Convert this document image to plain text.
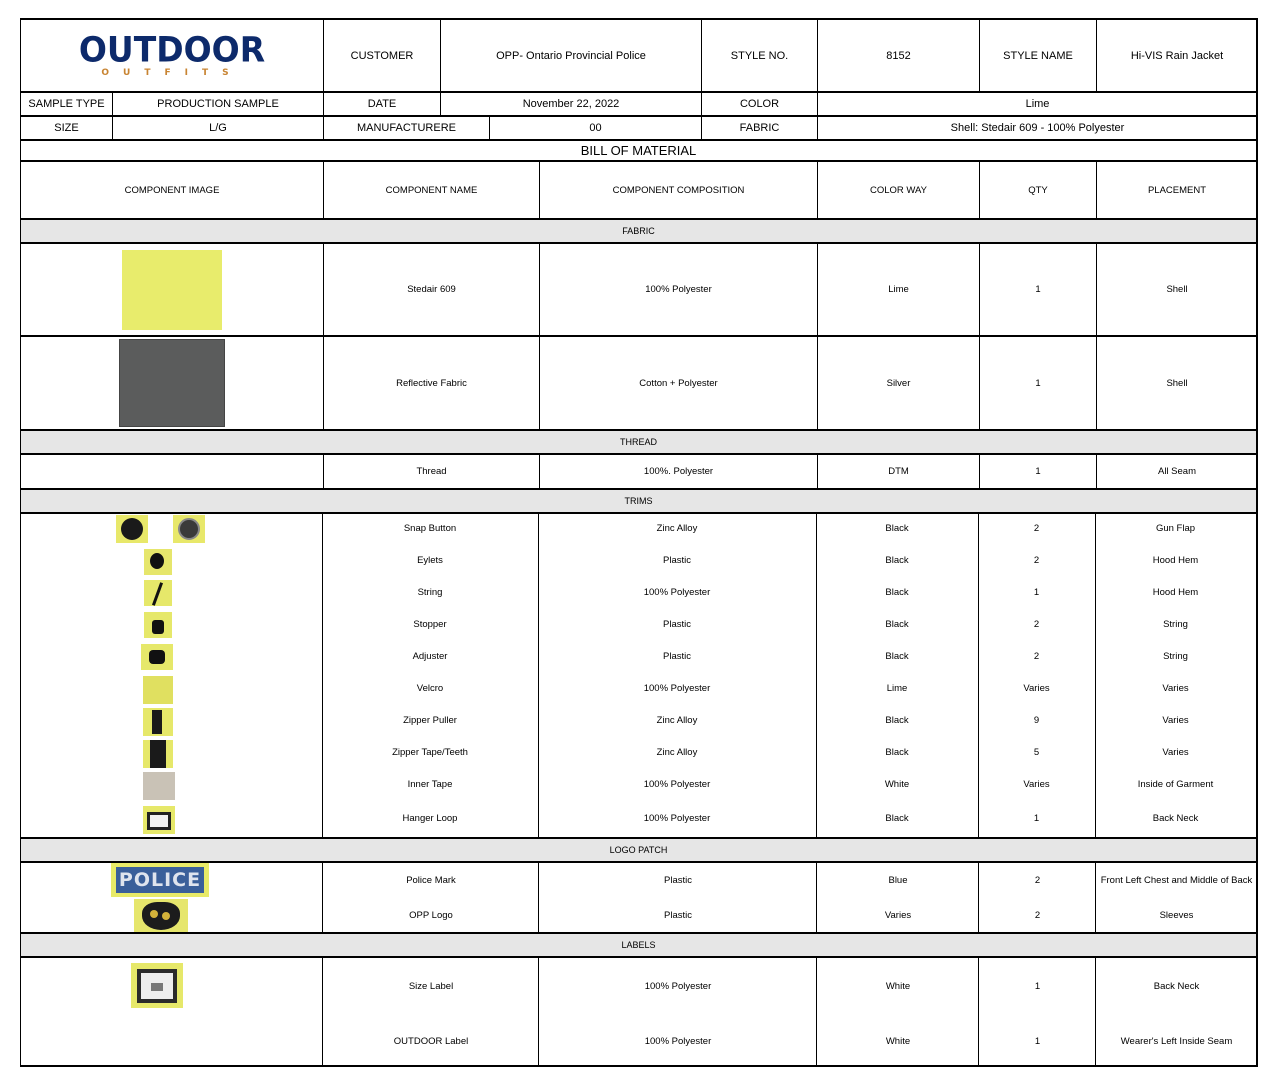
OUTDOOR
OUTFITS
CUSTOMER	OPP- Ontario Provincial Police	STYLE NO.	8152	STYLE NAME	Hi-VIS Rain Jacket
SAMPLE TYPE	PRODUCTION SAMPLE	DATE	November 22, 2022	COLOR	Lime
SIZE	L/G	MANUFACTURERE	00	FABRIC	Shell: Stedair 609 - 100% Polyester
BILL OF MATERIAL
COMPONENT IMAGE	COMPONENT NAME	COMPONENT COMPOSITION	COLOR WAY	QTY	PLACEMENT
FABRIC
Stedair 609	100% Polyester	Lime	1	Shell
Reflective Fabric	Cotton + Polyester	Silver	1	Shell
THREAD
Thread	100%. Polyester	DTM	1	All Seam
TRIMS
Snap Button	Zinc Alloy	Black	2	Gun Flap
Eylets	Plastic	Black	2	Hood Hem
String	100% Polyester	Black	1	Hood Hem
Stopper	Plastic	Black	2	String
Adjuster	Plastic	Black	2	String
Velcro	100% Polyester	Lime	Varies	Varies
Zipper Puller	Zinc Alloy	Black	9	Varies
Zipper Tape/Teeth	Zinc Alloy	Black	5	Varies
Inner Tape	100% Polyester	White	Varies	Inside of Garment
Hanger Loop	100% Polyester	Black	1	Back Neck
LOGO PATCH
POLICE	Police Mark	Plastic	Blue	2	Front Left Chest and Middle of Back
OPP Logo	Plastic	Varies	2	Sleeves
LABELS
Size Label	100% Polyester	White	1	Back Neck
OUTDOOR Label	100% Polyester	White	1	Wearer's Left Inside Seam
